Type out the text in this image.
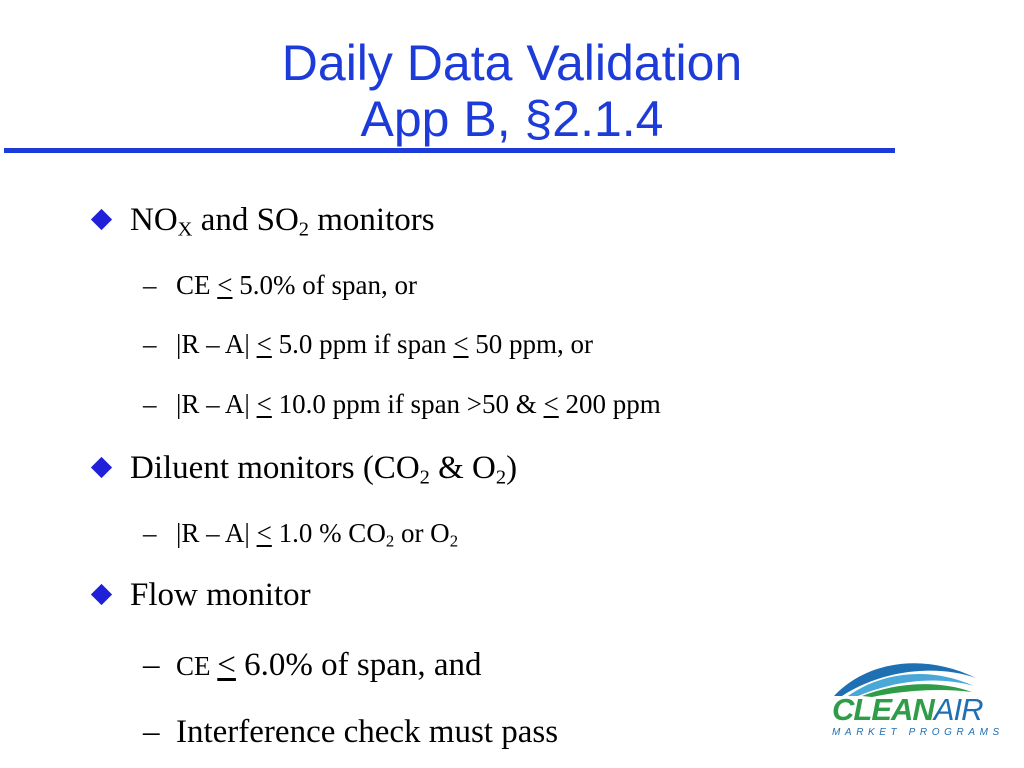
Daily Data Validation
App B, §2.1.4
$NO_X$ and $SO_2$ monitors
– CE ≤ 5.0% of span, or
– |R – A| ≤ 5.0 ppm if span ≤ 50 ppm, or
– |R – A| ≤ 10.0 ppm if span >50 & ≤ 200 ppm
Diluent monitors ($CO_2$ & $O_2$)
– |R – A| ≤ 1.0 % $CO_2$ or $O_2$
Flow monitor
– CE ≤ 6.0% of span, and
– Interference check must pass
CLEANAIR
MARKET PROGRAMS
